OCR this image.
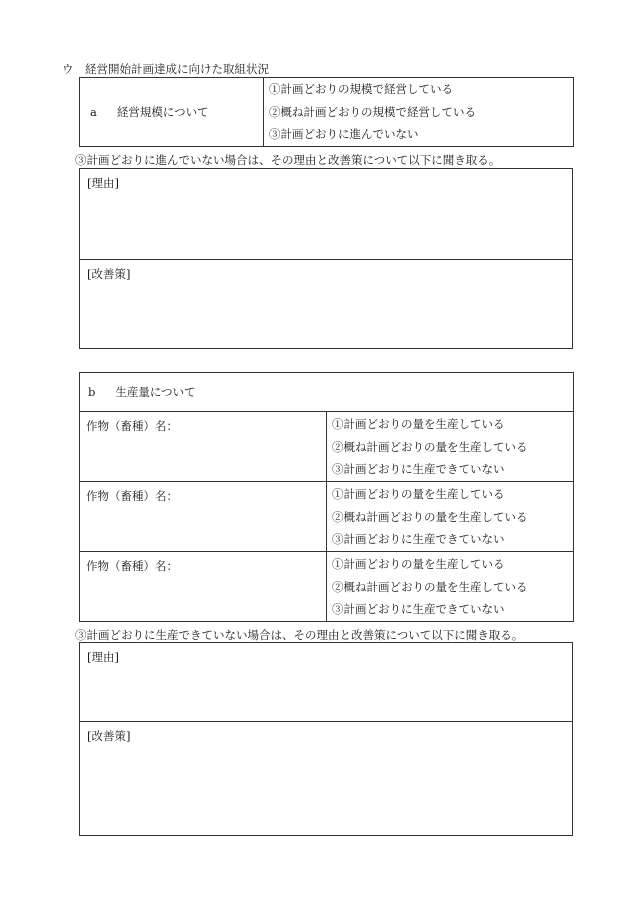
ウ　経営開始計画達成に向けた取組状況
a 経営規模について	
①計画どおりの規模で経営している
②概ね計画どおりの規模で経営している
③計画どおりに進んでいない
③計画どおりに進んでいない場合は、その理由と改善策について以下に聞き取る。
[理由]
[改善策]
b 生産量について	
作物（畜種）名：	①計画どおりの量を生産している
②概ね計画どおりの量を生産している
③計画どおりに生産できていない

作物（畜種）名：	①計画どおりの量を生産している
②概ね計画どおりの量を生産している
③計画どおりに生産できていない

作物（畜種）名：	①計画どおりの量を生産している
②概ね計画どおりの量を生産している
③計画どおりに生産できていない
③計画どおりに生産できていない場合は、その理由と改善策について以下に聞き取る。
[理由]
[改善策]
